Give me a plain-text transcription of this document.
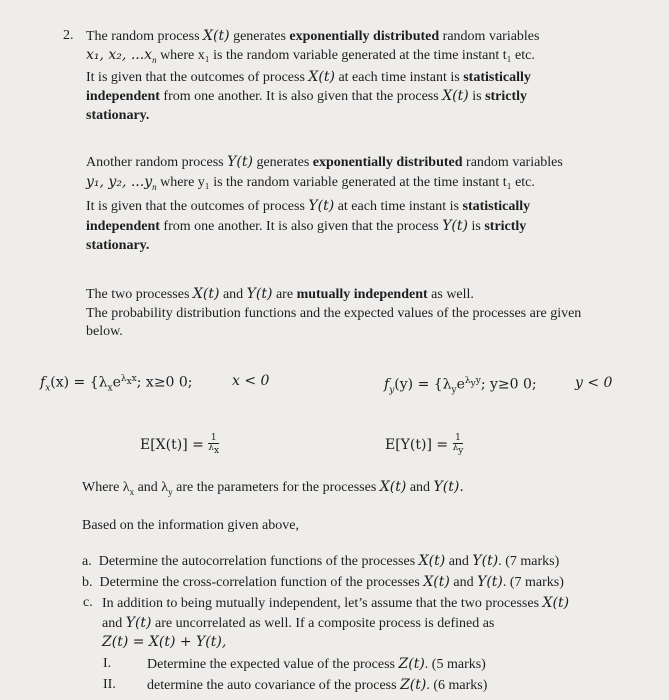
2. The random process X(t) generates exponentially distributed random variables
x₁, x₂, $...x_n$ where x₁ is the random variable generated at the time instant t₁ etc.
It is given that the outcomes of process X(t) at each time instant is statistically
independent from one another. It is also given that the process X(t) is strictly
stationary.
Another random process Y(t) generates exponentially distributed random variables
y₁, y₂, $...y_n$ where y₁ is the random variable generated at the time instant t₁ etc.
It is given that the outcomes of process Y(t) at each time instant is statistically
independent from one another. It is also given that the process Y(t) is strictly
stationary.
The two processes X(t) and Y(t) are mutually independent as well.
The probability distribution functions and the expected values of the processes are given
below.
$f_x(x) = \{\lambda_xe^{\lambda_xx}$; x≥0 0;	x < 0	$f_y(y) = \{\lambda_ye^{\lambda_yy}$; y≥0 0;	y < 0
$E[X(t)] = \frac{1}{\lambda_x}$	$E[Y(t)] = \frac{1}{\lambda_y}$
Where $\lambda_x$ and $\lambda_y$ are the parameters for the processes X(t) and Y(t).
Based on the information given above,
a. Determine the autocorrelation functions of the processes X(t) and Y(t). (7 marks)
b. Determine the cross-correlation function of the processes X(t) and Y(t). (7 marks)
c. In addition to being mutually independent, let’s assume that the two processes X(t)
and Y(t) are uncorrelated as well. If a composite process is defined as
Z(t) = X(t) + Y(t),
I.	Determine the expected value of the process Z(t). (5 marks)
II. determine the auto covariance of the process Z(t). (6 marks)
